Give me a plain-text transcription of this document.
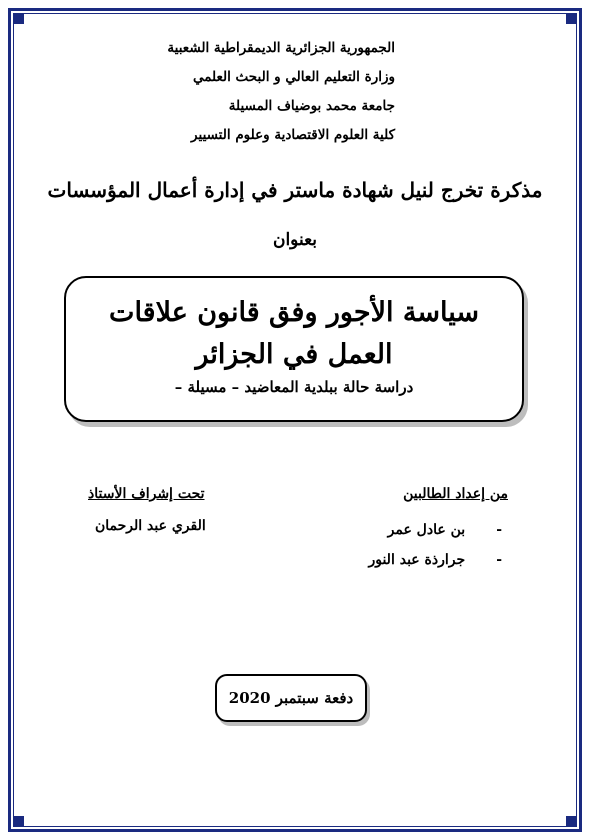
الجمهورية الجزائرية الديمقراطية الشعبية
وزارة التعليم العالي و البحث العلمي
جامعة محمد بوضياف المسيلة
كلية العلوم الاقتصادية وعلوم التسيير
مذكرة تخرج لنيل شهادة ماستر في إدارة أعمال المؤسسات
بعنوان
سياسة الأجور وفق قانون علاقات العمل في الجزائر
دراسة حالة ببلدية المعاضيد – مسيلة –
من إعداد الطالبين
- بن عادل عمر
- جرارذة عبد النور
تحت إشراف الأستاذ
القري عبد الرحمان
دفعة سبتمبر 2020
